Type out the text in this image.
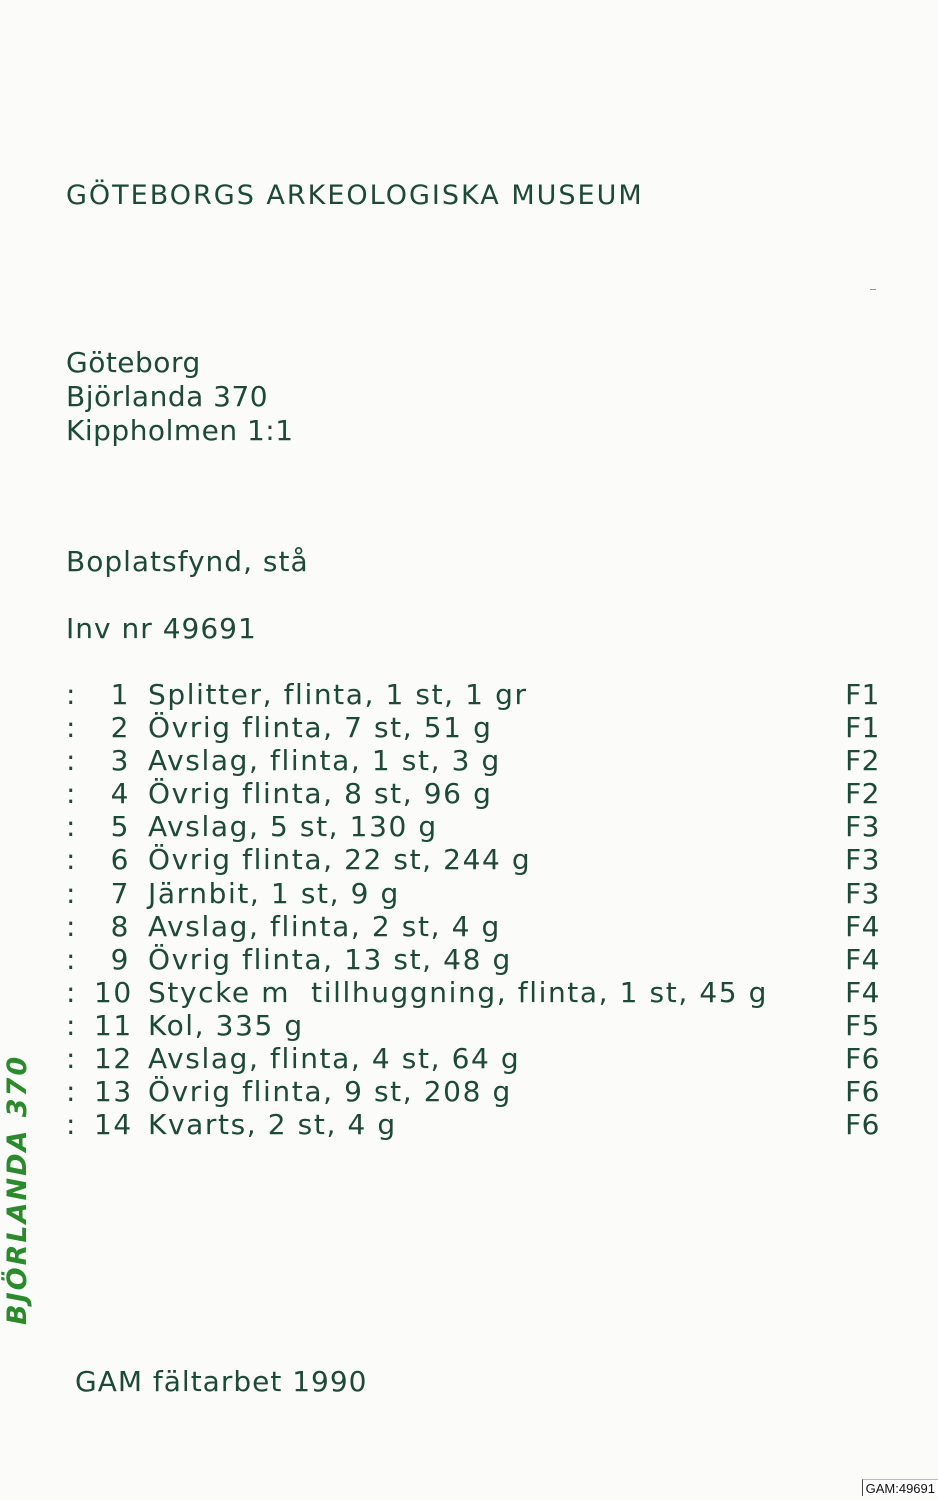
GÖTEBORGS ARKEOLOGISKA MUSEUM
Göteborg
Björlanda 370
Kippholmen 1:1
Boplatsfynd, stå
Inv nr 49691
:	1 Splitter, flinta, 1 st, 1 gr	F1
:	2 Övrig flinta, 7 st, 51 g	F1
:	3 Avslag, flinta, 1 st, 3 g	F2
:	4 Övrig flinta, 8 st, 96 g	F2
:	5 Avslag, 5 st, 130 g	F3
:	6 Övrig flinta, 22 st, 244 g	F3
:	7 Järnbit, 1 st, 9 g	F3
:	8 Avslag, flinta, 2 st, 4 g	F4
:	9 Övrig flinta, 13 st, 48 g	F4
: 10 Stycke m  tillhuggning, flinta, 1 st, 45 g	F4
: 11 Kol, 335 g	F5
: 12 Avslag, flinta, 4 st, 64 g	F6
: 13 Övrig flinta, 9 st, 208 g	F6
: 14 Kvarts, 2 st, 4 g	F6
GAM fältarbet 1990
BJÖRLANDA 370
GAM:49691
